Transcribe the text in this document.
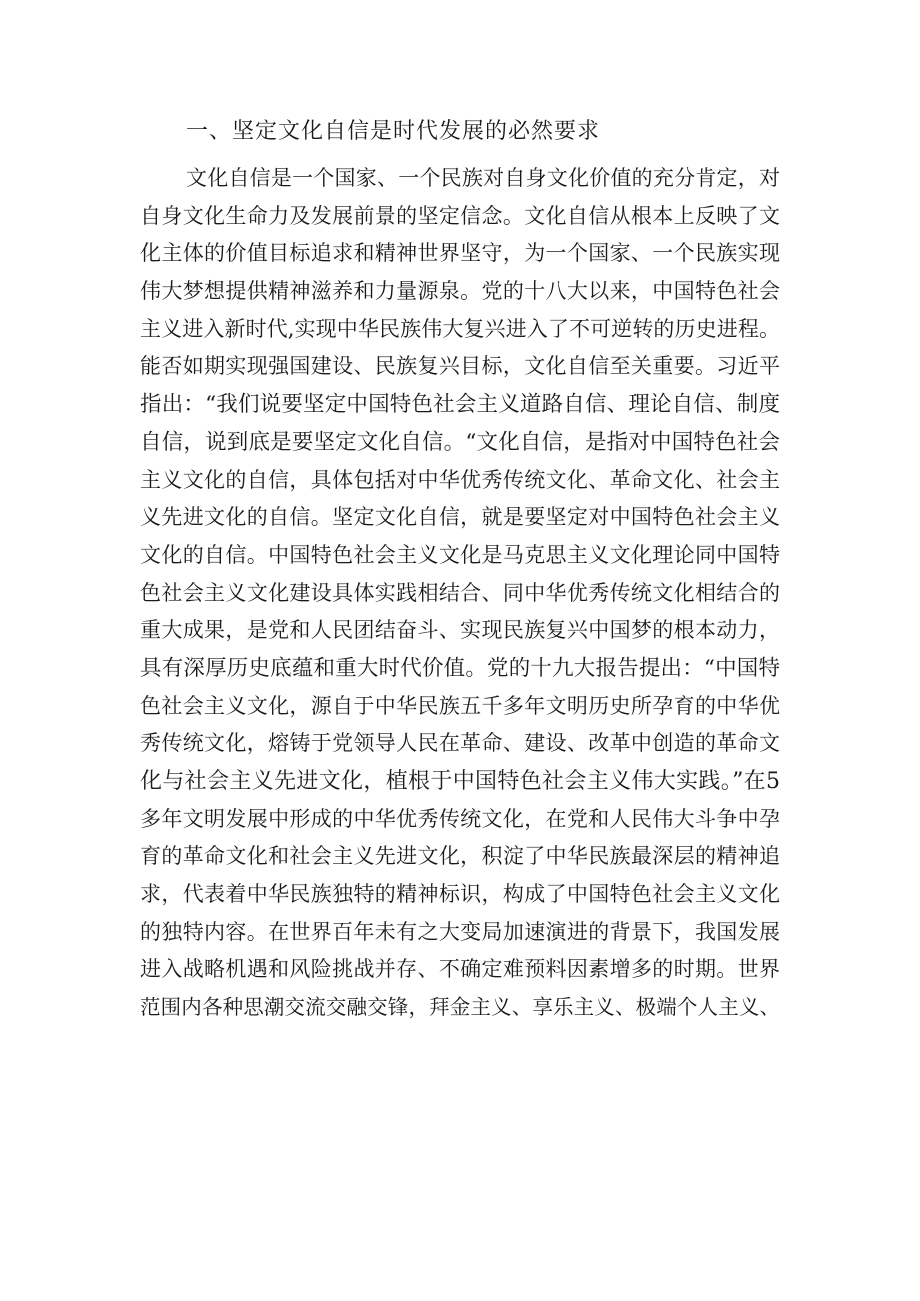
一、坚定文化自信是时代发展的必然要求
文化自信是一个国家、一个民族对自身文化价值的充分肯定，对
自身文化生命力及发展前景的坚定信念。文化自信从根本上反映了文
化主体的价值目标追求和精神世界坚守，为一个国家、一个民族实现
伟大梦想提供精神滋养和力量源泉。党的十八大以来，中国特色社会
主义进入新时代,实现中华民族伟大复兴进入了不可逆转的历史进程。
能否如期实现强国建设、民族复兴目标，文化自信至关重要。习近平
指出：“我们说要坚定中国特色社会主义道路自信、理论自信、制度
自信，说到底是要坚定文化自信。“文化自信，是指对中国特色社会
主义文化的自信，具体包括对中华优秀传统文化、革命文化、社会主
义先进文化的自信。坚定文化自信，就是要坚定对中国特色社会主义
文化的自信。中国特色社会主义文化是马克思主义文化理论同中国特
色社会主义文化建设具体实践相结合、同中华优秀传统文化相结合的
重大成果，是党和人民团结奋斗、实现民族复兴中国梦的根本动力，
具有深厚历史底蕴和重大时代价值。党的十九大报告提出：“中国特
色社会主义文化，源自于中华民族五千多年文明历史所孕育的中华优
秀传统文化，熔铸于党领导人民在革命、建设、改革中创造的革命文
化与社会主义先进文化，植根于中国特色社会主义伟大实践。”在5
多年文明发展中形成的中华优秀传统文化，在党和人民伟大斗争中孕
育的革命文化和社会主义先进文化，积淀了中华民族最深层的精神追
求，代表着中华民族独特的精神标识，构成了中国特色社会主义文化
的独特内容。在世界百年未有之大变局加速演进的背景下，我国发展
进入战略机遇和风险挑战并存、不确定难预料因素增多的时期。世界
范围内各种思潮交流交融交锋，拜金主义、享乐主义、极端个人主义、
